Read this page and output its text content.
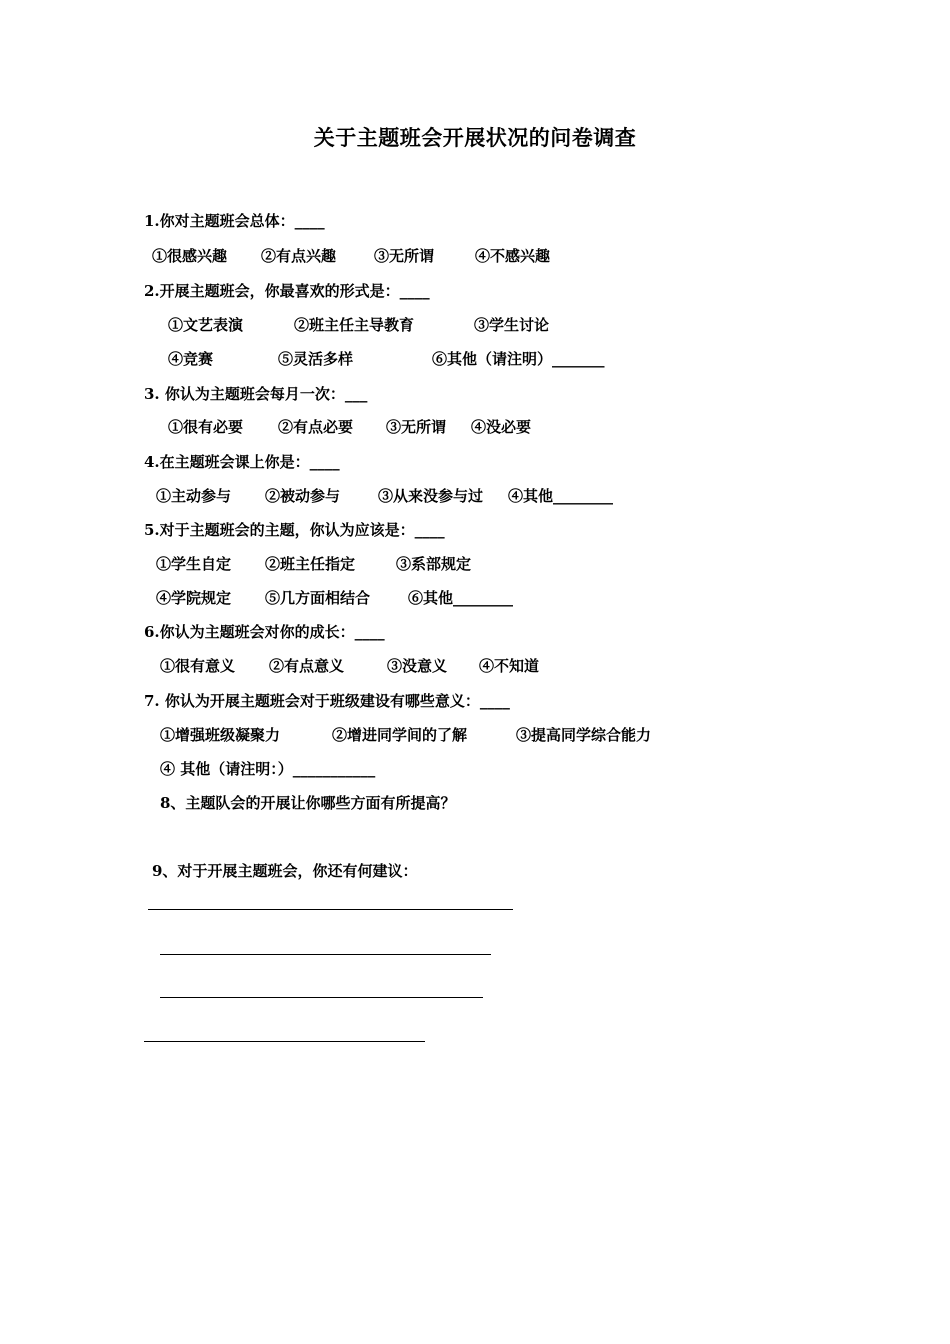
关于主题班会开展状况的问卷调查
1.你对主题班会总体：____
①很感兴趣 ②有点兴趣	③无所谓	④不感兴趣
2.开展主题班会，你最喜欢的形式是：____
①文艺表演	②班主任主导教育	③学生讨论
④竞赛	⑤灵活多样	⑥其他（请注明）_______
3. 你认为主题班会每月一次：___
①很有必要 ②有点必要 ③无所谓 ④没必要
4.在主题班会课上你是：____
①主动参与 ②被动参与	③从来没参与过 ④其他________
5.对于主题班会的主题，你认为应该是：____
①学生自定 ②班主任指定	③系部规定
④学院规定 ⑤几方面相结合	⑥其他________
6.你认为主题班会对你的成长：____
①很有意义 ②有点意义	③没意义 ④不知道
7. 你认为开展主题班会对于班级建设有哪些意义：____
①增强班级凝聚力	②增进同学间的了解	③提高同学综合能力
④ 其他（请注明：）___________
8、主题队会的开展让你哪些方面有所提高？
9、对于开展主题班会，你还有何建议：
